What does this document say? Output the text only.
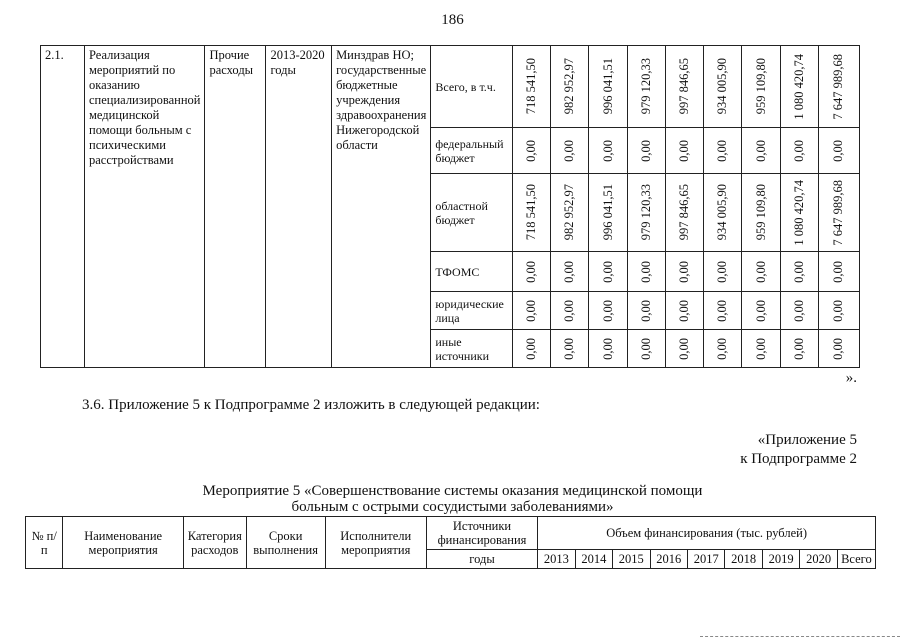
186
2.1.	Реализация мероприятий по оказанию специализированной медицинской помощи больным с психическими расстройствами	Прочие расходы	2013-2020 годы	Минздрав НО; государственные бюджетные учреждения здравоохранения Нижегородской области	Всего, в т.ч.	718 541,50	982 952,97	996 041,51	979 120,33	997 846,65	934 005,90	959 109,80	1 080 420,74	7 647 989,68

					федеральный бюджет	0,00	0,00	0,00	0,00	0,00	0,00	0,00	0,00	0,00

					областной бюджет	718 541,50	982 952,97	996 041,51	979 120,33	997 846,65	934 005,90	959 109,80	1 080 420,74	7 647 989,68

					ТФОМС	0,00	0,00	0,00	0,00	0,00	0,00	0,00	0,00	0,00

					юридические лица	0,00	0,00	0,00	0,00	0,00	0,00	0,00	0,00	0,00

					иные источники	0,00	0,00	0,00	0,00	0,00	0,00	0,00	0,00	0,00
».
3.6. Приложение 5 к Подпрограмме 2 изложить в следующей редакции:
«Приложение 5
к Подпрограмме 2
Мероприятие 5 «Совершенствование системы оказания медицинской помощи
больным с острыми сосудистыми заболеваниями»
№ п/п	Наименование мероприятия	Категория расходов	Сроки выполнения	Исполнители мероприятия	Источники финансирования	Объем финансирования (тыс. рублей)								
					годы	2013	2014	2015	2016	2017	2018	2019	2020	Всего
